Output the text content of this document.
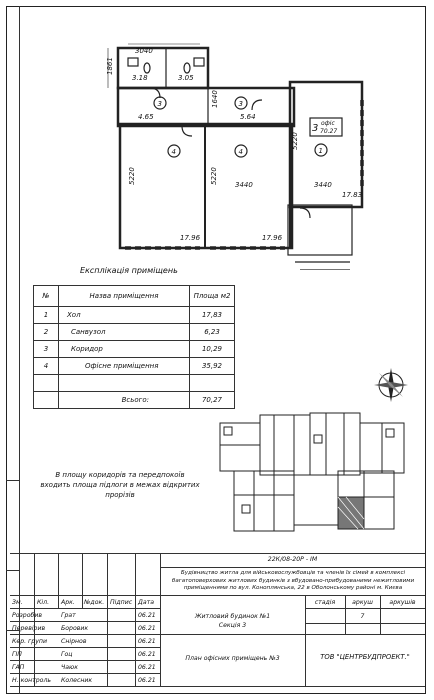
3040
1861
3.18	3.05
1640
4.65	5.64
5220	5220
5220
3440	3440
17.83
17.96	17.96
3	3
4	4	1
3 офіс
70.27
Експлікація приміщень
№	Назва приміщення	Площа м2
1	Хол	17,83
2	Санвузол	6,23
3	Коридор	10,29
4	Офісне приміщення	35,92

	Всього:	70,27
В площу коридорів та передпокоїв входить площа підлоги в межах відкритих прорізів
22К/08-20Р - ІМ
Будівництво житла для військовослужбовців та членів їх сімей в комплексі багатоповерхових житлових будинків з вбудовано-прибудованими нежитловими приміщеннями по вул. Коноплянська, 22 в Оболонському районі м. Києва
Зм. Кіл. Арк. №док. Підпис Дата
Розробив	Грат	06.21
Перевірив	Боровик	06.21
Кер. групи Снірнов	06.21
ГІП	Гоц	06.21
ГАП	Чаюк	06.21
Н. контроль Колесник	06.21
Житловий будинок №1
Секція 3
План офісних приміщень №3
стадія	аркуш	аркушів
7
ТОВ "ЦЕНТРБУДПРОЕКТ."
